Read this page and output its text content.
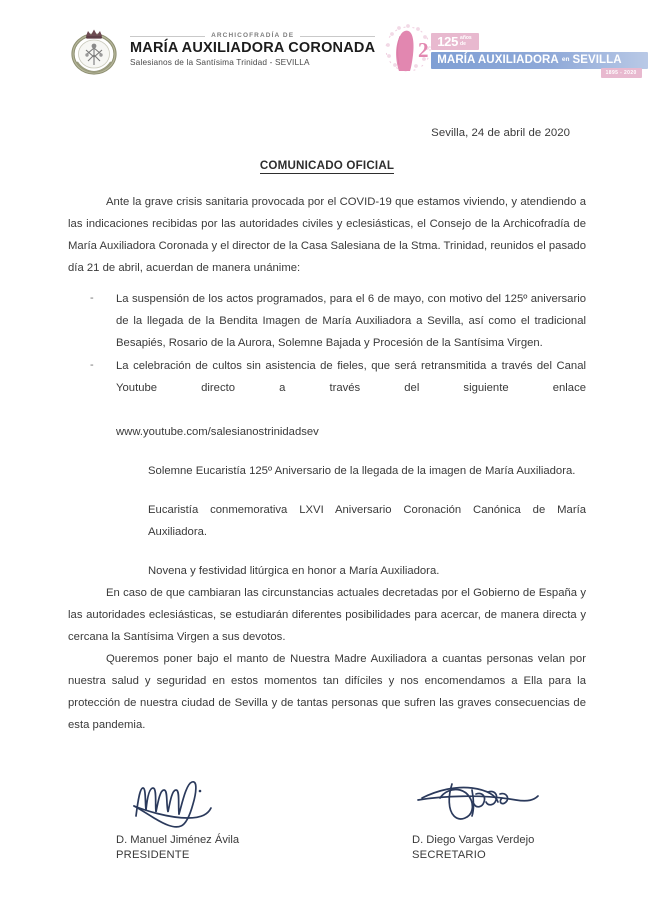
ARCHICOFRADÍA DE
MARÍA AUXILIADORA CORONADA
Salesianos de la Santísima Trinidad - SEVILLA
2 125 años
de
MARÍA AUXILIADORA en SEVILLA
1895 - 2020
Sevilla, 24 de abril de 2020
COMUNICADO OFICIAL

Ante la grave crisis sanitaria provocada por el COVID-19 que estamos viviendo, y atendiendo a las indicaciones recibidas por las autoridades civiles y eclesiásticas, el Consejo de la Archicofradía de María Auxiliadora Coronada y el director de la Casa Salesiana de la Stma. Trinidad, reunidos el pasado día 21 de abril, acuerdan de manera unánime:

- La suspensión de los actos programados, para el 6 de mayo, con motivo del 125º aniversario de la llegada de la Bendita Imagen de María Auxiliadora a Sevilla, así como el tradicional Besapiés, Rosario de la Aurora, Solemne Bajada y Procesión de la Santísima Virgen.
- La celebración de cultos sin asistencia de fieles, que será retransmitida a través del Canal Youtube directo a través del siguiente enlace www.youtube.com/salesianostrinidadsev

Solemne Eucaristía 125º Aniversario de la llegada de la imagen de María Auxiliadora.

Eucaristía conmemorativa LXVI Aniversario Coronación Canónica de María Auxiliadora.

Novena y festividad litúrgica en honor a María Auxiliadora.

En caso de que cambiaran las circunstancias actuales decretadas por el Gobierno de España y las autoridades eclesiásticas, se estudiarán diferentes posibilidades para acercar, de manera directa y cercana la Santísima Virgen a sus devotos.

Queremos poner bajo el manto de Nuestra Madre Auxiliadora a cuantas personas velan por nuestra salud y seguridad en estos momentos tan difíciles y nos encomendamos a Ella para la protección de nuestra ciudad de Sevilla y de tantas personas que sufren las graves consecuencias de esta pandemia.

D. Manuel Jiménez Ávila
PRESIDENTE
D. Diego Vargas Verdejo
SECRETARIO
